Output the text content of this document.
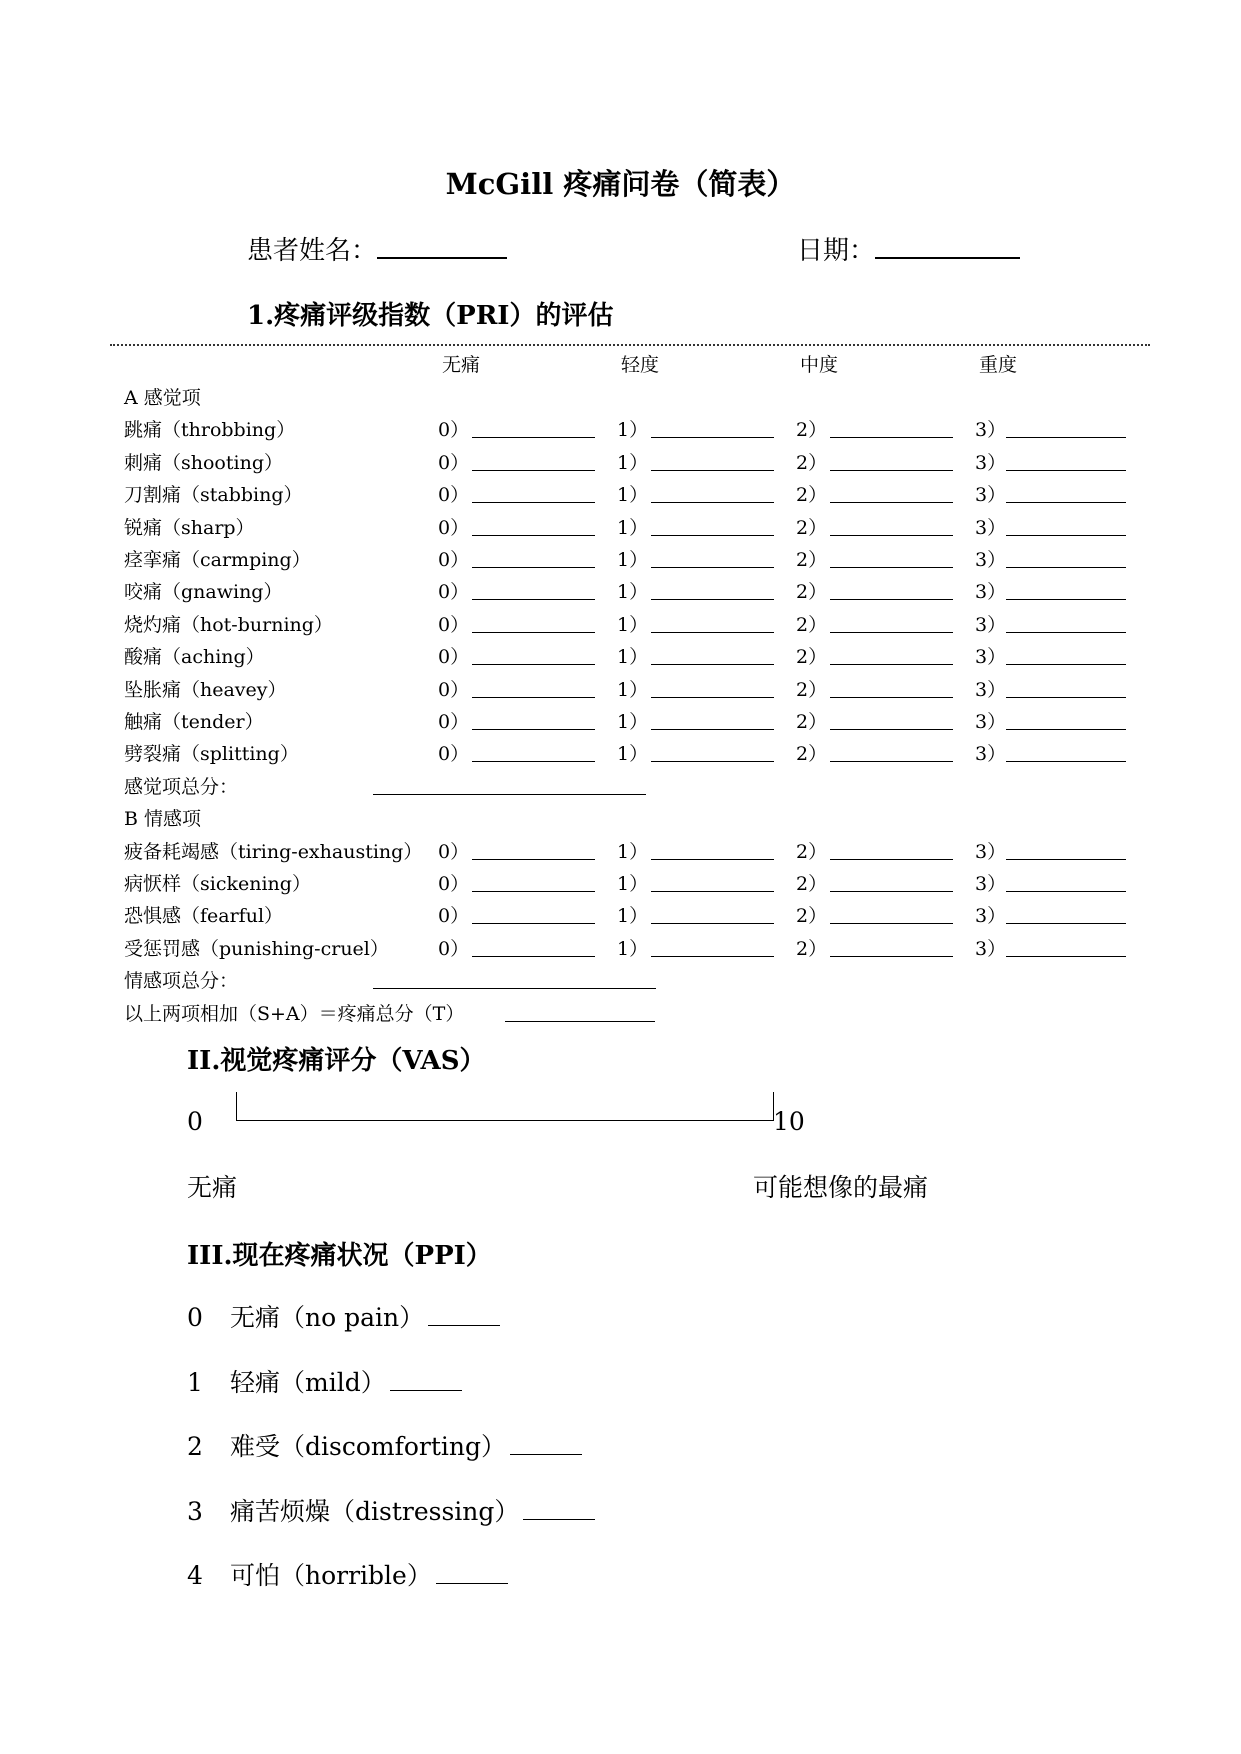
McGill 疼痛问卷（简表）
患者姓名：	日期：
1.疼痛评级指数（PRI）的评估
无痛	轻度	中度	重度
A 感觉项
跳痛（throbbing）	0）	1）	2）	3）
刺痛（shooting）	0）	1）	2）	3）
刀割痛（stabbing）	0）	1）	2）	3）
锐痛（sharp）	0）	1）	2）	3）
痉挛痛（carmping）	0）	1）	2）	3）
咬痛（gnawing）	0）	1）	2）	3）
烧灼痛（hot-burning）	0）	1）	2）	3）
酸痛（aching）	0）	1）	2）	3）
坠胀痛（heavey）	0）	1）	2）	3）
触痛（tender）	0）	1）	2）	3）
劈裂痛（splitting）	0）	1）	2）	3）
感觉项总分：
B 情感项
疲备耗竭感（tiring-exhausting） 0）	1）	2）	3）
病恹样（sickening）	0）	1）	2）	3）
恐惧感（fearful）	0）	1）	2）	3）
受惩罚感（punishing-cruel）	0）	1）	2）	3）
情感项总分：
以上两项相加（S+A）＝疼痛总分（T）
II.视觉疼痛评分（VAS）
0	10
无痛	可能想像的最痛
III.现在疼痛状况（PPI）
0 无痛（no pain）
1 轻痛（mild）
2 难受（discomforting）
3 痛苦烦燥（distressing）
4 可怕（horrible）
